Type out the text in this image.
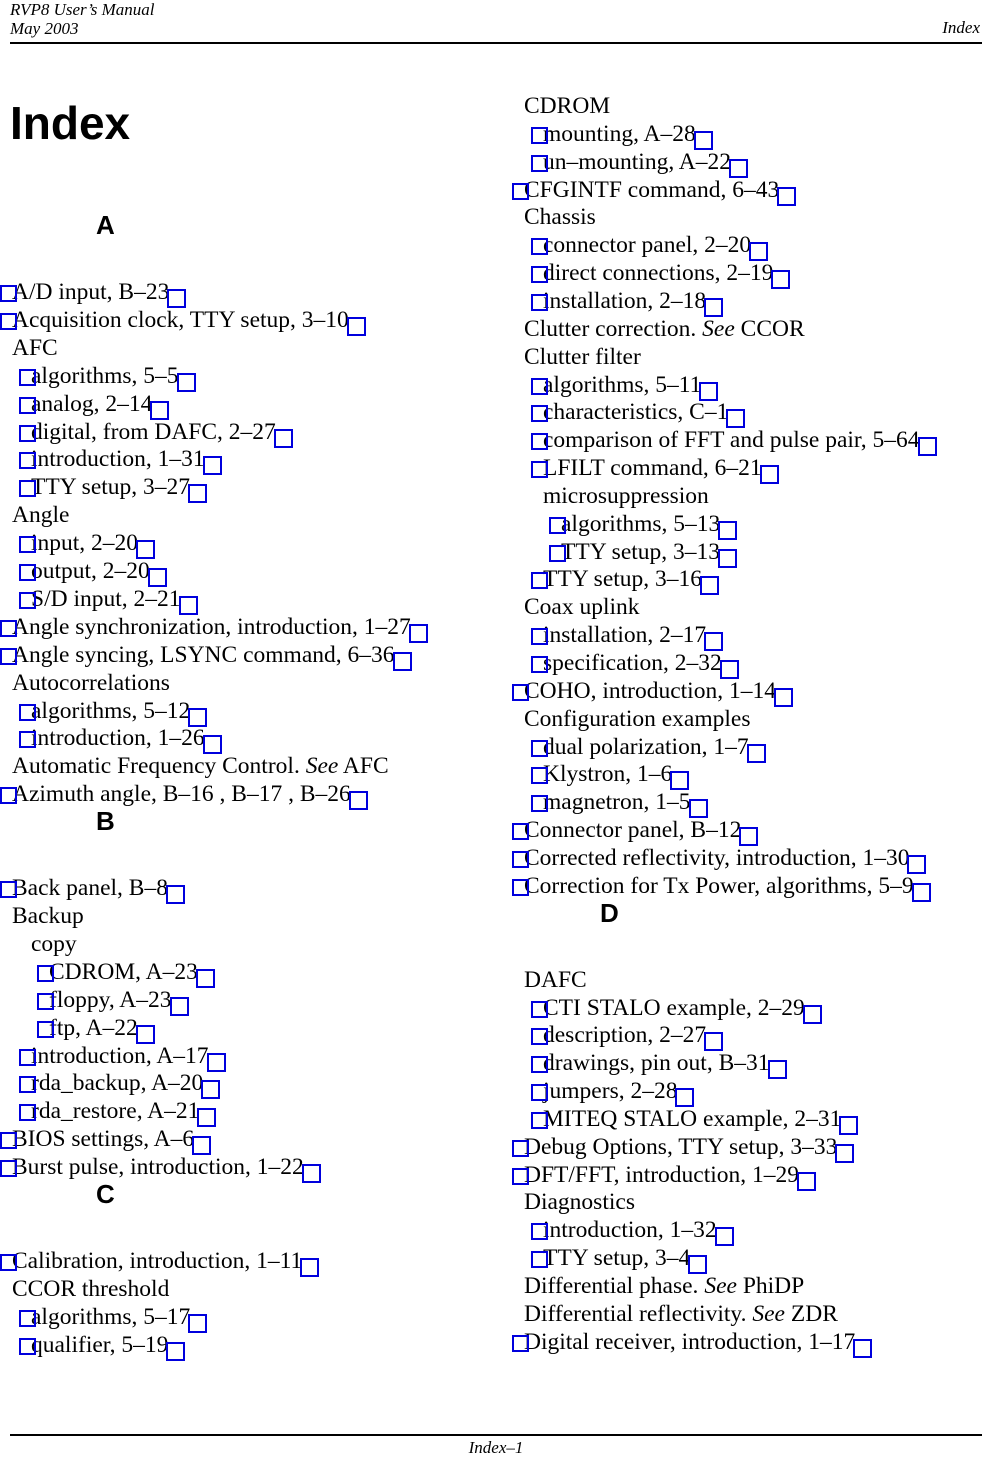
RVP8 User’s Manual
May 2003	Index
Index
A
A/D input, B–23
Acquisition clock, TTY setup, 3–10
AFC
algorithms, 5–5
analog, 2–14
digital, from DAFC, 2–27
introduction, 1–31
TTY setup, 3–27
Angle
input, 2–20
output, 2–20
S/D input, 2–21
Angle synchronization, introduction, 1–27
Angle syncing, LSYNC command, 6–36
Autocorrelations
algorithms, 5–12
introduction, 1–26
Automatic Frequency Control. See AFC
Azimuth angle, B–16 , B–17 , B–26
B
Back panel, B–8
Backup
copy
CDROM, A–23
floppy, A–23
ftp, A–22
introduction, A–17
rda_backup, A–20
rda_restore, A–21
BIOS settings, A–6
Burst pulse, introduction, 1–22
C
Calibration, introduction, 1–11
CCOR threshold
algorithms, 5–17
qualifier, 5–19
CDROM
mounting, A–28
un–mounting, A–22
CFGINTF command, 6–43
Chassis
connector panel, 2–20
direct connections, 2–19
installation, 2–18
Clutter correction. See CCOR
Clutter filter
algorithms, 5–11
characteristics, C–1
comparison of FFT and pulse pair, 5–64
LFILT command, 6–21
microsuppression
algorithms, 5–13
TTY setup, 3–13
TTY setup, 3–16
Coax uplink
installation, 2–17
specification, 2–32
COHO, introduction, 1–14
Configuration examples
dual polarization, 1–7
Klystron, 1–6
magnetron, 1–5
Connector panel, B–12
Corrected reflectivity, introduction, 1–30
Correction for Tx Power, algorithms, 5–9
D
DAFC
CTI STALO example, 2–29
description, 2–27
drawings, pin out, B–31
jumpers, 2–28
MITEQ STALO example, 2–31
Debug Options, TTY setup, 3–33
DFT/FFT, introduction, 1–29
Diagnostics
introduction, 1–32
TTY setup, 3–4
Differential phase. See PhiDP
Differential reflectivity. See ZDR
Digital receiver, introduction, 1–17
Index–1
